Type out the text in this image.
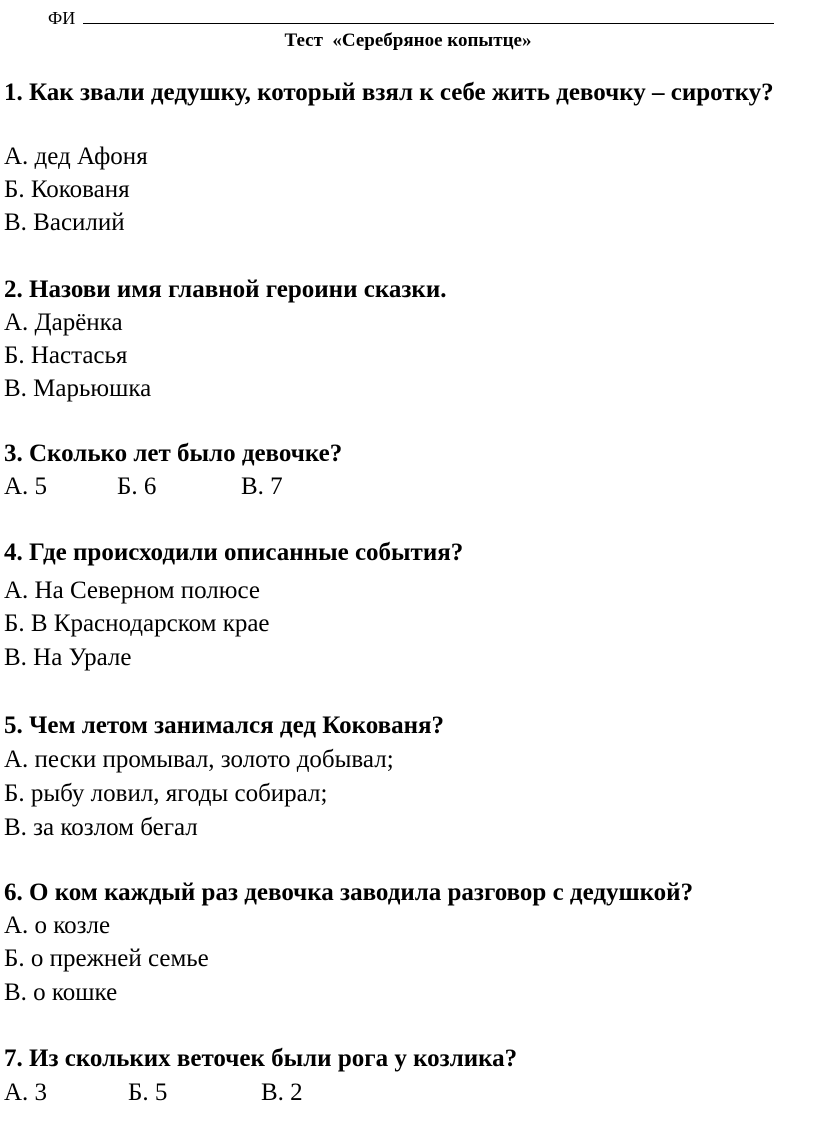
ФИ
Тест  «Серебряное копытце»
1. Как звали дедушку, который взял к себе жить девочку – сиротку?
А. дед Афоня
Б. Кокованя
В. Василий
2. Назови имя главной героини сказки.
А. Дарёнка
Б. Настасья
В. Марьюшка
3. Сколько лет было девочке?
А. 5	Б. 6	В. 7
4. Где происходили описанные события?
А. На Северном полюсе
Б. В Краснодарском крае
В. На Урале
5. Чем летом занимался дед Кокованя?
А. пески промывал, золото добывал;
Б. рыбу ловил, ягоды собирал;
В. за козлом бегал
6. О ком каждый раз девочка заводила разговор с дедушкой?
А. о козле
Б. о прежней семье
В. о кошке
7. Из скольких веточек были рога у козлика?
А. 3	Б. 5	В. 2
